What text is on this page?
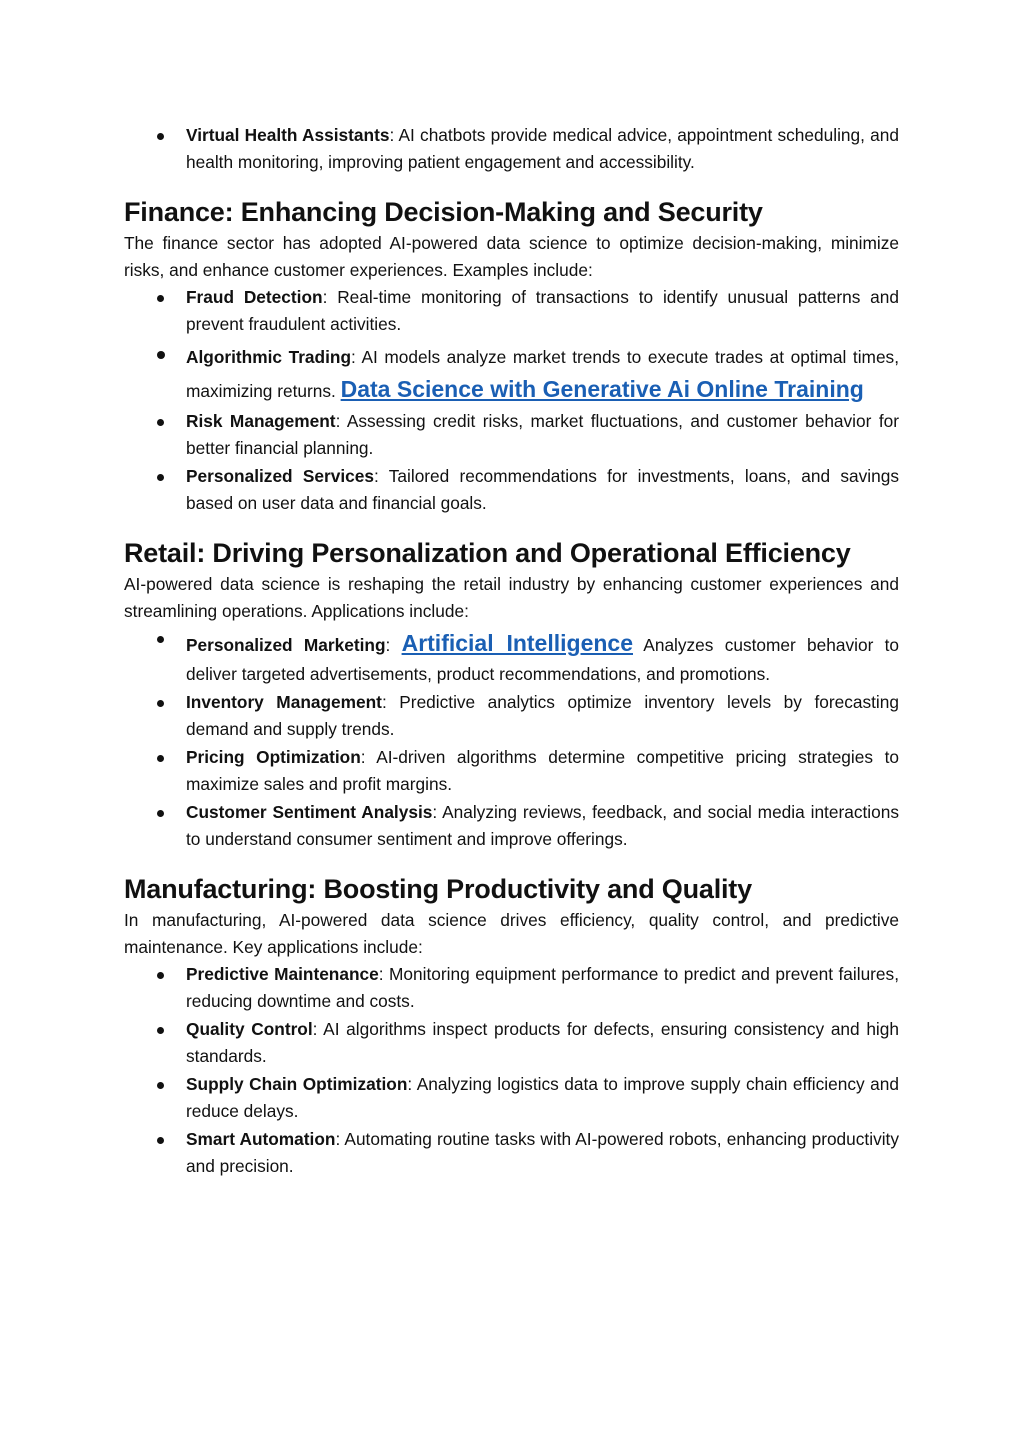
Virtual Health Assistants: AI chatbots provide medical advice, appointment scheduling, and health monitoring, improving patient engagement and accessibility.
Finance: Enhancing Decision-Making and Security

The finance sector has adopted AI-powered data science to optimize decision-making, minimize risks, and enhance customer experiences. Examples include:

Fraud Detection: Real-time monitoring of transactions to identify unusual patterns and prevent fraudulent activities.
Algorithmic Trading: AI models analyze market trends to execute trades at optimal times, maximizing returns. Data Science with Generative Ai Online Training
Risk Management: Assessing credit risks, market fluctuations, and customer behavior for better financial planning.
Personalized Services: Tailored recommendations for investments, loans, and savings based on user data and financial goals.
Retail: Driving Personalization and Operational Efficiency

AI-powered data science is reshaping the retail industry by enhancing customer experiences and streamlining operations. Applications include:

Personalized Marketing: Artificial Intelligence Analyzes customer behavior to deliver targeted advertisements, product recommendations, and promotions.
Inventory Management: Predictive analytics optimize inventory levels by forecasting demand and supply trends.
Pricing Optimization: AI-driven algorithms determine competitive pricing strategies to maximize sales and profit margins.
Customer Sentiment Analysis: Analyzing reviews, feedback, and social media interactions to understand consumer sentiment and improve offerings.
Manufacturing: Boosting Productivity and Quality

In manufacturing, AI-powered data science drives efficiency, quality control, and predictive maintenance. Key applications include:

Predictive Maintenance: Monitoring equipment performance to predict and prevent failures, reducing downtime and costs.
Quality Control: AI algorithms inspect products for defects, ensuring consistency and high standards.
Supply Chain Optimization: Analyzing logistics data to improve supply chain efficiency and reduce delays.
Smart Automation: Automating routine tasks with AI-powered robots, enhancing productivity and precision.
